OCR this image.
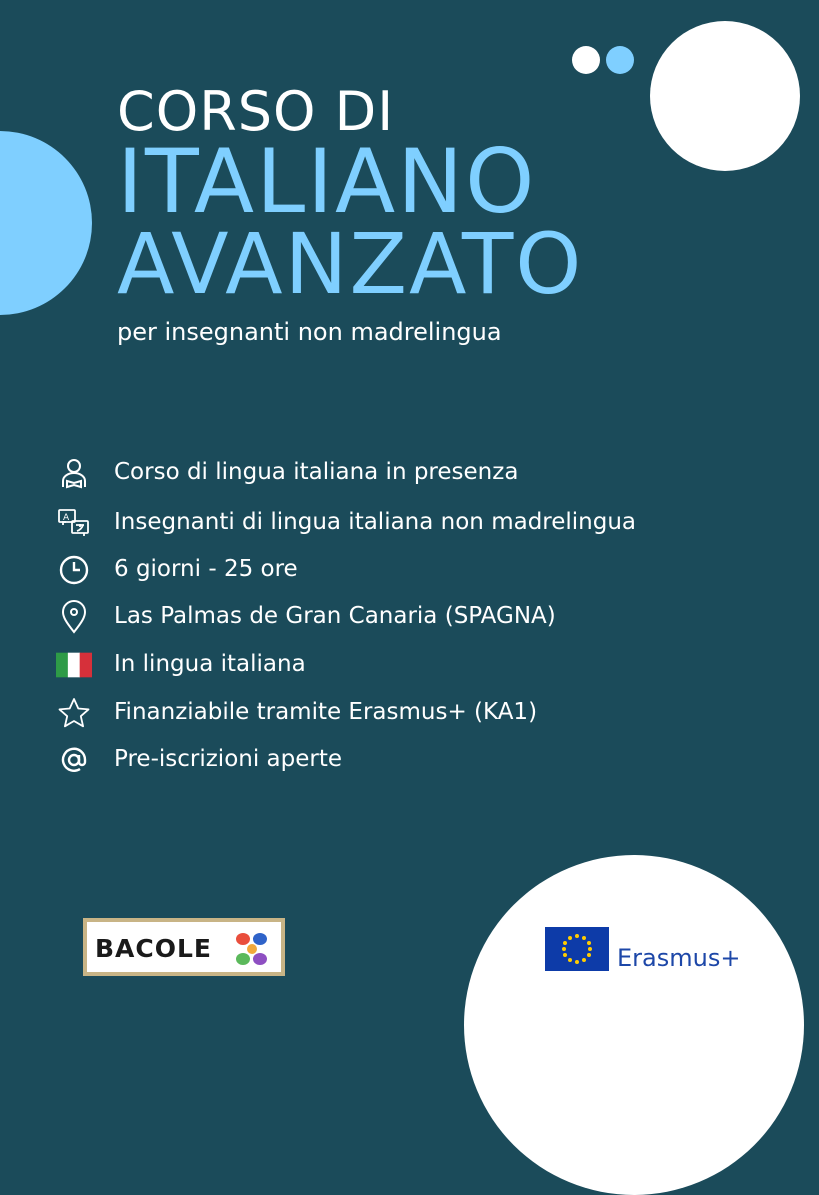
CORSO DI
ITALIANO
AVANZATO

per insegnanti non madrelingua

Corso di lingua italiana in presenza
A Insegnanti di lingua italiana non madrelingua
6 giorni - 25 ore
Las Palmas de Gran Canaria (SPAGNA)
In lingua italiana
Finanziabile tramite Erasmus+ (KA1)
Pre-iscrizioni aperte
BACOLE	Erasmus+
